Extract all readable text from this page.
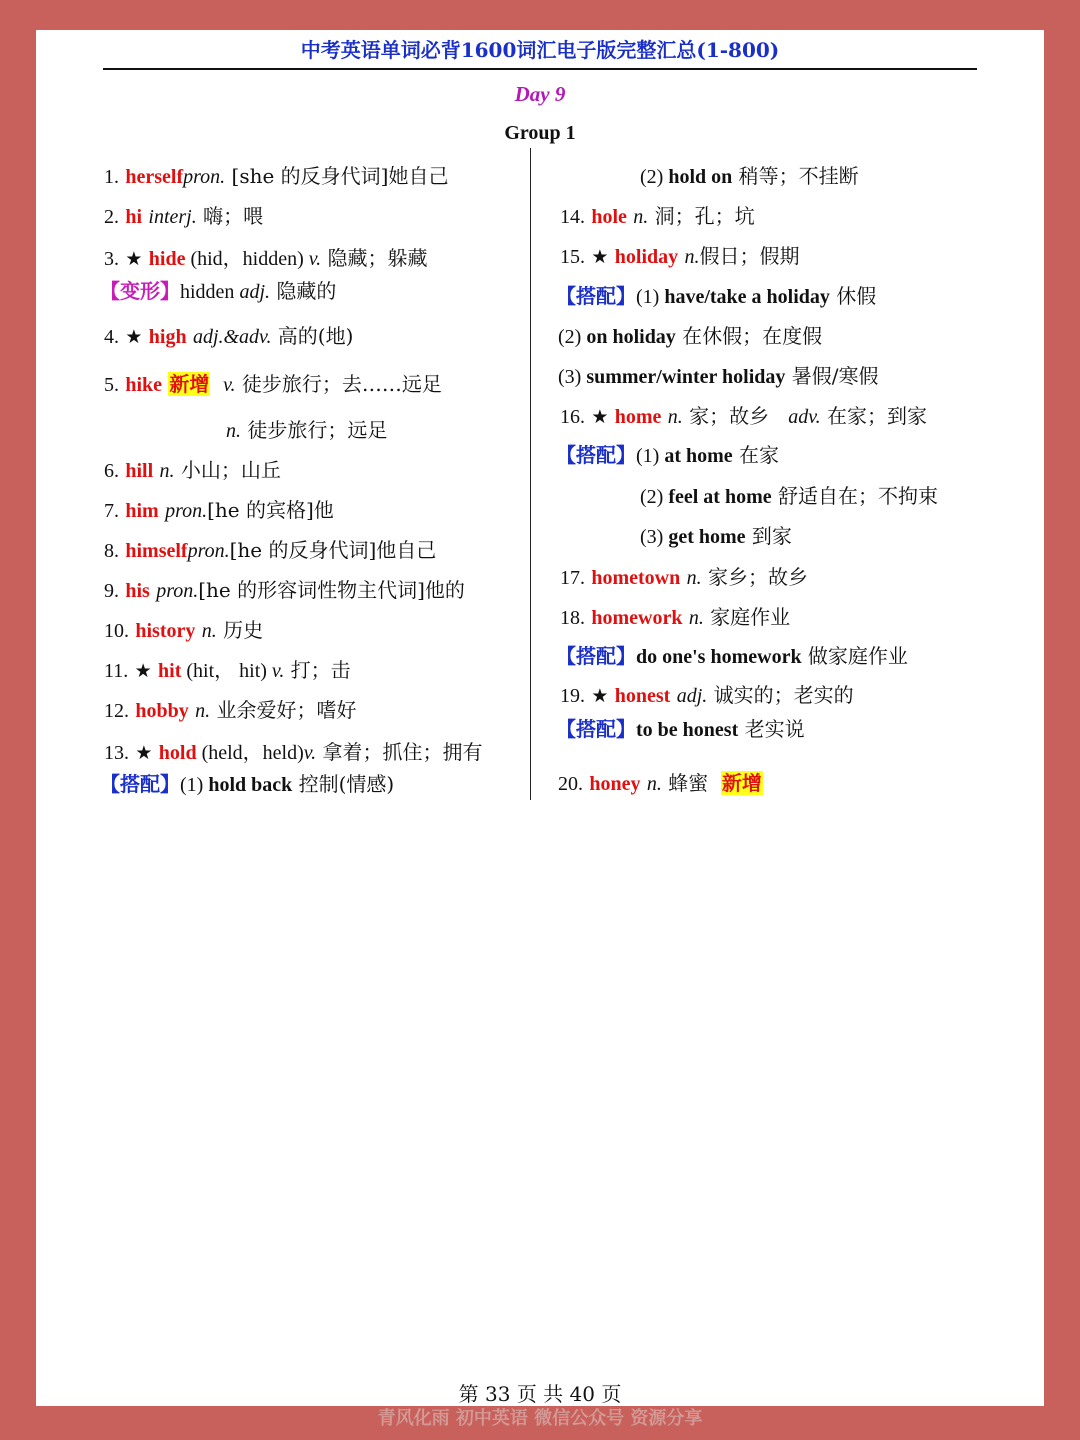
中考英语单词必背1600词汇电子版完整汇总(1-800)
Day 9
Group 1
1. herselfpron. [she 的反身代词]她自己
2. hi interj. 嗨；喂
3. ★ hide (hid，hidden) v. 隐藏；躲藏
【变形】hidden adj. 隐藏的
4. ★ high adj.&adv. 高的(地)
5. hike 新增 v. 徒步旅行；去……远足
n. 徒步旅行；远足
6. hill n. 小山；山丘
7. him pron.[he 的宾格]他
8. himselfpron.[he 的反身代词]他自己
9. his pron.[he 的形容词性物主代词]他的
10. history n. 历史
11. ★ hit (hit， hit) v. 打；击
12. hobby n. 业余爱好；嗜好
13. ★ hold (held，held)v. 拿着；抓住；拥有
【搭配】(1) hold back 控制(情感)
(2) hold on 稍等；不挂断
14. hole n. 洞；孔；坑
15. ★ holiday n.假日；假期
【搭配】(1) have/take a holiday 休假
(2) on holiday 在休假；在度假
(3) summer/winter holiday 暑假/寒假
16. ★ home n. 家；故乡 adv. 在家；到家
【搭配】(1) at home 在家
(2) feel at home 舒适自在；不拘束
(3) get home 到家
17. hometown n. 家乡；故乡
18. homework n. 家庭作业
【搭配】do one's homework 做家庭作业
19. ★ honest adj. 诚实的；老实的
【搭配】to be honest 老实说
20. honey n. 蜂蜜 新增
第 33 页 共 40 页
青风化雨 初中英语 微信公众号 资源分享
